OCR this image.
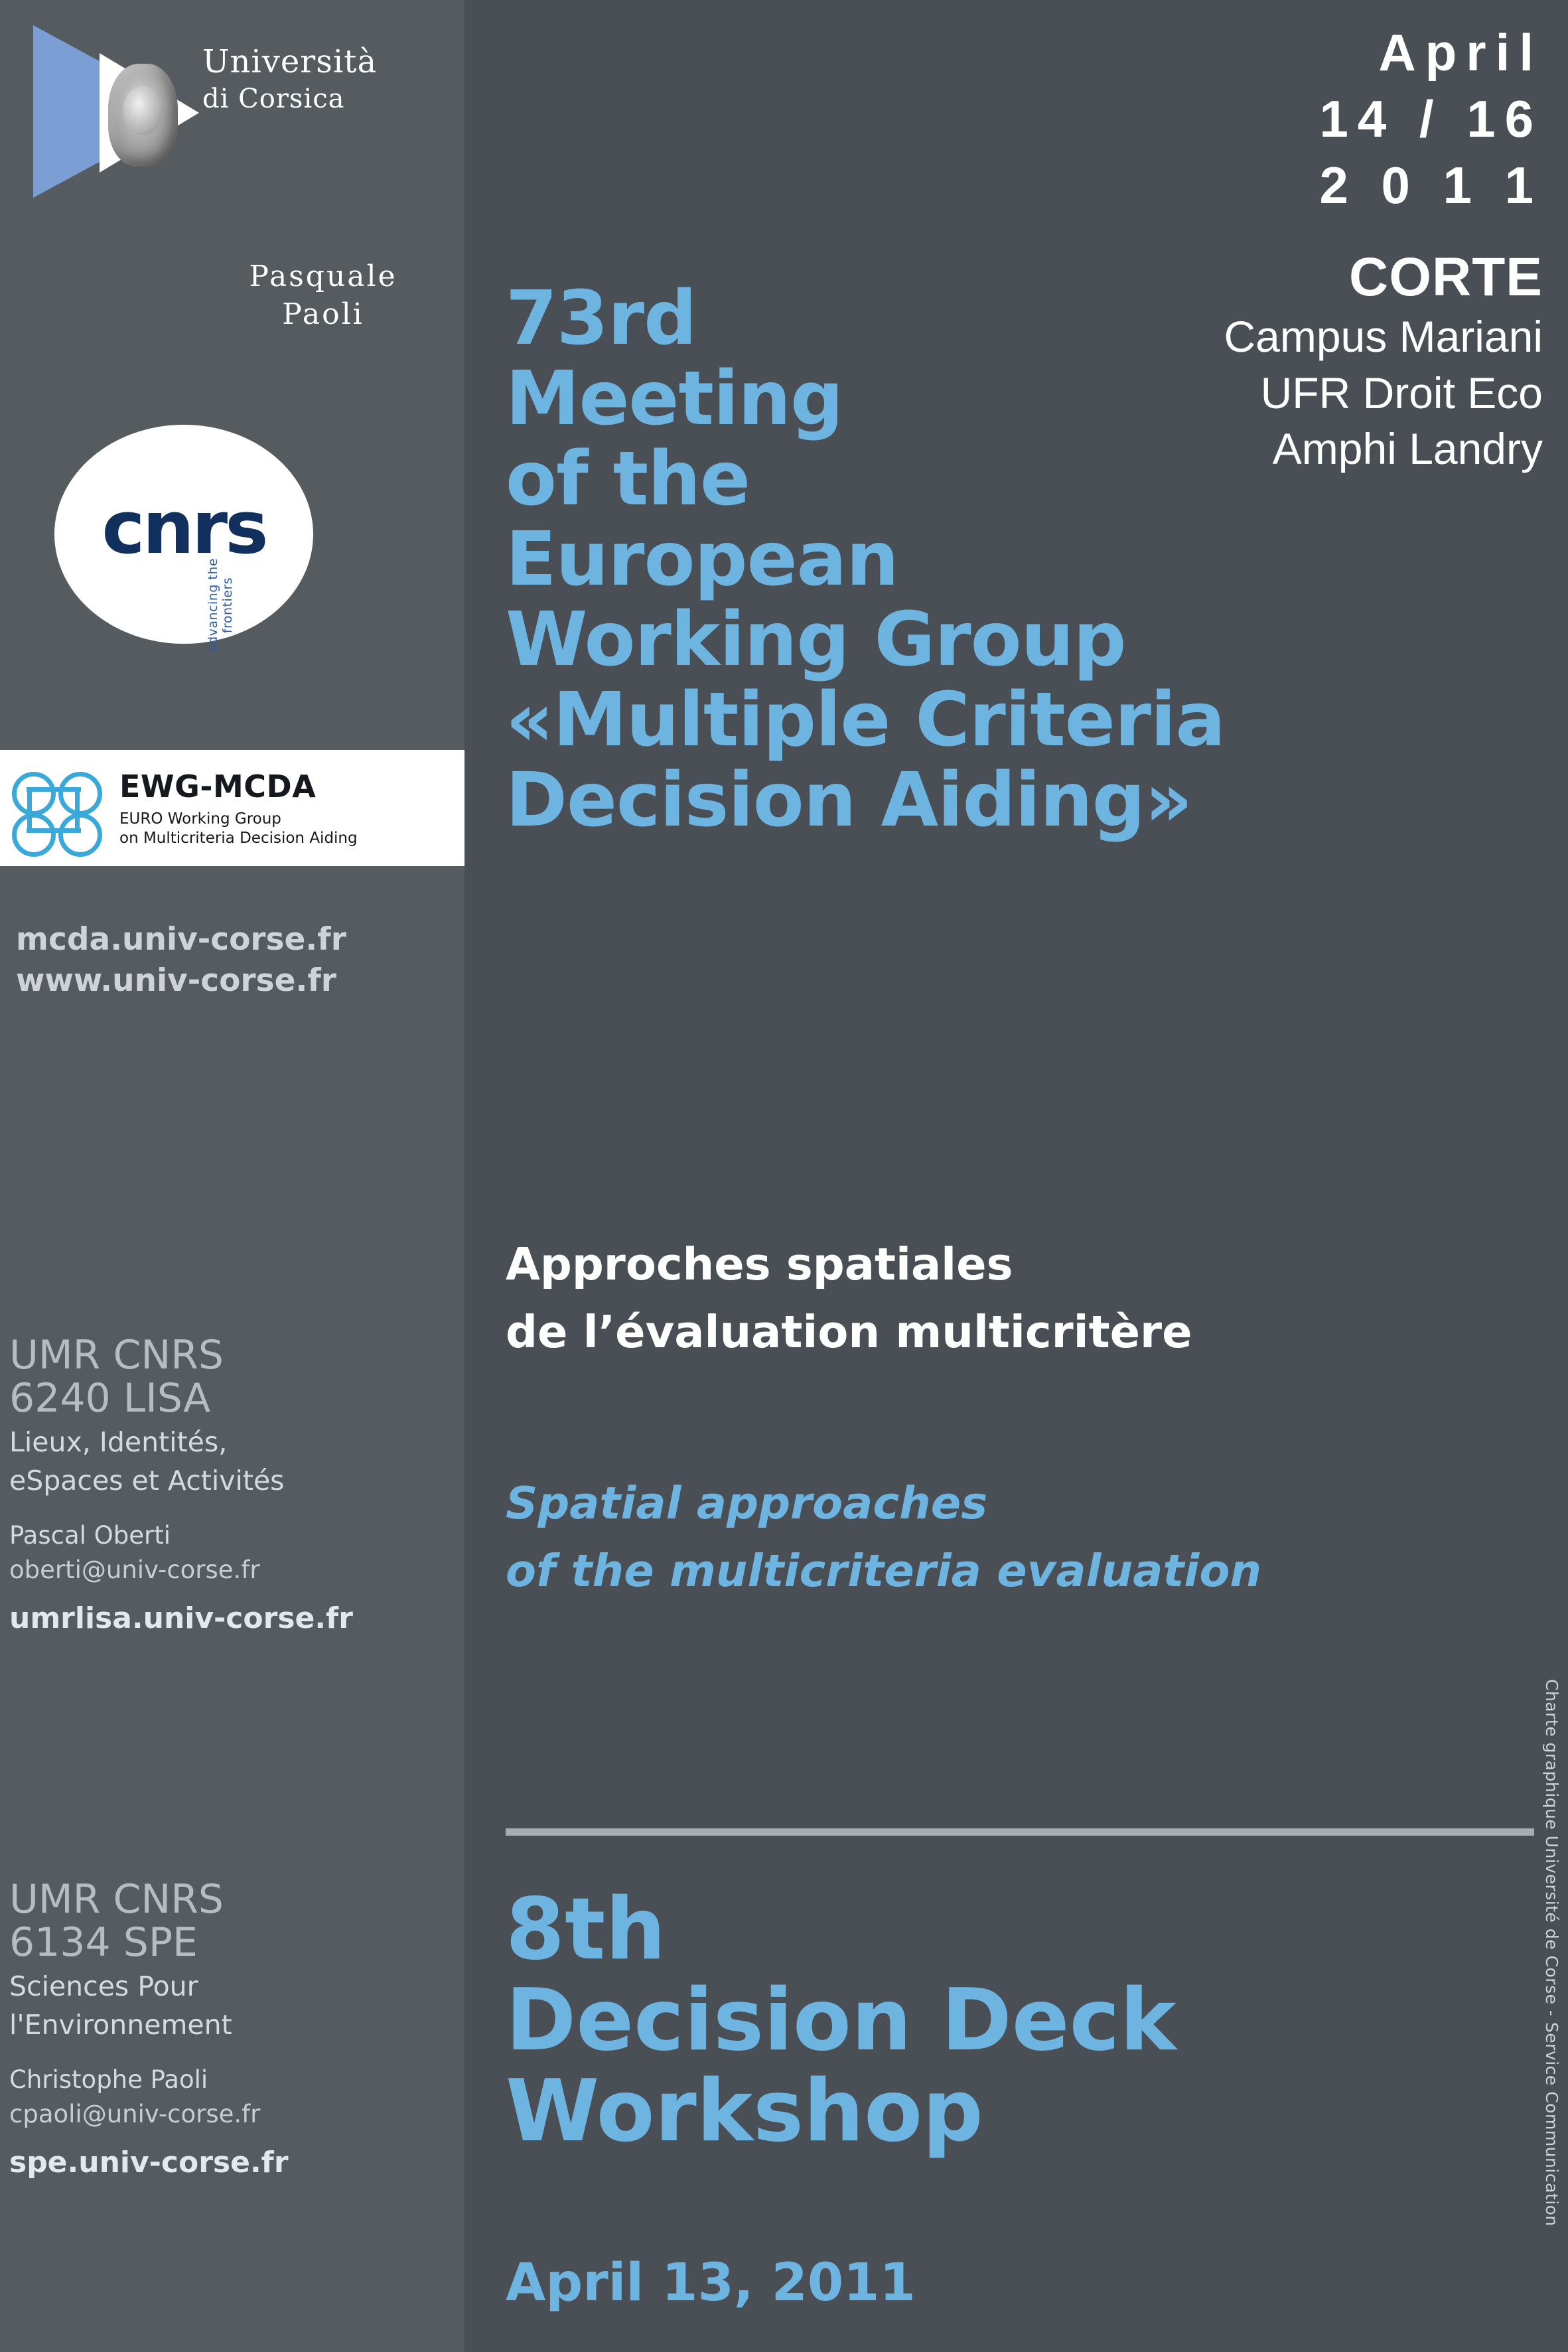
Università
di Corsica
Pasquale
Paoli
cnrs
advancing the frontiers
EWG-MCDA
EURO Working Group
on Multicriteria Decision Aiding
mcda.univ-corse.fr
www.univ-corse.fr
UMR CNRS
6240 LISA
Lieux, Identités,
eSpaces et Activités
Pascal Oberti
oberti@univ-corse.fr
umrlisa.univ-corse.fr
UMR CNRS
6134 SPE
Sciences Pour
l'Environnement
Christophe Paoli
cpaoli@univ-corse.fr
spe.univ-corse.fr
April
14 / 16
2 0 1 1
CORTE
Campus Mariani
UFR Droit Eco
Amphi Landry
73rd
Meeting
of the
European
Working Group
«Multiple Criteria
Decision Aiding»
Approches spatiales
de l’évaluation multicritère
Spatial approaches
of the multicriteria evaluation
8th
Decision Deck
Workshop
April 13, 2011
Charte graphique Université de Corse - Service Communication
